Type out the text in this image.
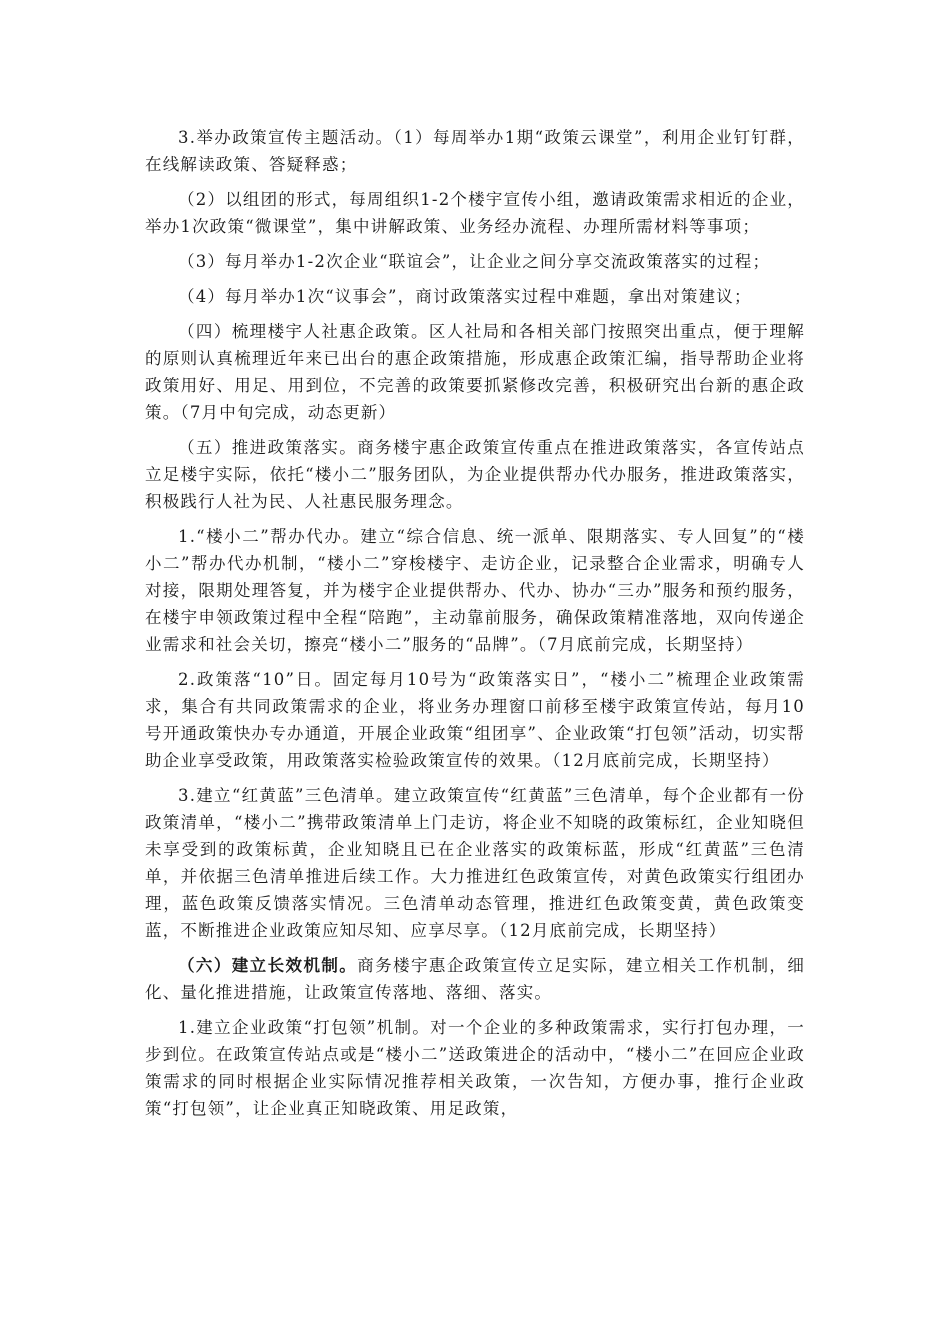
3.举办政策宣传主题活动。（1）每周举办1期“政策云课堂”，利用企业钉钉群，在线解读政策、答疑释惑；

（2）以组团的形式，每周组织1-2个楼宇宣传小组，邀请政策需求相近的企业，举办1次政策“微课堂”，集中讲解政策、业务经办流程、办理所需材料等事项；

（3）每月举办1-2次企业“联谊会”，让企业之间分享交流政策落实的过程；

（4）每月举办1次“议事会”，商讨政策落实过程中难题，拿出对策建议；

（四）梳理楼宇人社惠企政策。区人社局和各相关部门按照突出重点，便于理解的原则认真梳理近年来已出台的惠企政策措施，形成惠企政策汇编，指导帮助企业将政策用好、用足、用到位，不完善的政策要抓紧修改完善，积极研究出台新的惠企政策。（7月中旬完成，动态更新）

（五）推进政策落实。商务楼宇惠企政策宣传重点在推进政策落实，各宣传站点立足楼宇实际，依托“楼小二”服务团队，为企业提供帮办代办服务，推进政策落实，积极践行人社为民、人社惠民服务理念。

1.“楼小二”帮办代办。建立“综合信息、统一派单、限期落实、专人回复”的“楼小二”帮办代办机制，“楼小二”穿梭楼宇、走访企业，记录整合企业需求，明确专人对接，限期处理答复，并为楼宇企业提供帮办、代办、协办“三办”服务和预约服务，在楼宇申领政策过程中全程“陪跑”，主动靠前服务，确保政策精准落地，双向传递企业需求和社会关切，擦亮“楼小二”服务的“品牌”。（7月底前完成，长期坚持）

2.政策落“10”日。固定每月10号为“政策落实日”，“楼小二”梳理企业政策需求，集合有共同政策需求的企业，将业务办理窗口前移至楼宇政策宣传站，每月10号开通政策快办专办通道，开展企业政策“组团享”、企业政策“打包领”活动，切实帮助企业享受政策，用政策落实检验政策宣传的效果。（12月底前完成，长期坚持）

3.建立“红黄蓝”三色清单。建立政策宣传“红黄蓝”三色清单，每个企业都有一份政策清单，“楼小二”携带政策清单上门走访，将企业不知晓的政策标红，企业知晓但未享受到的政策标黄，企业知晓且已在企业落实的政策标蓝，形成“红黄蓝”三色清单，并依据三色清单推进后续工作。大力推进红色政策宣传，对黄色政策实行组团办理，蓝色政策反馈落实情况。三色清单动态管理，推进红色政策变黄，黄色政策变蓝，不断推进企业政策应知尽知、应享尽享。（12月底前完成，长期坚持）

（六）建立长效机制。商务楼宇惠企政策宣传立足实际，建立相关工作机制，细化、量化推进措施，让政策宣传落地、落细、落实。

1.建立企业政策“打包领”机制。对一个企业的多种政策需求，实行打包办理，一步到位。在政策宣传站点或是“楼小二”送政策进企的活动中，“楼小二”在回应企业政策需求的同时根据企业实际情况推荐相关政策，一次告知，方便办事，推行企业政策“打包领”，让企业真正知晓政策、用足政策，
